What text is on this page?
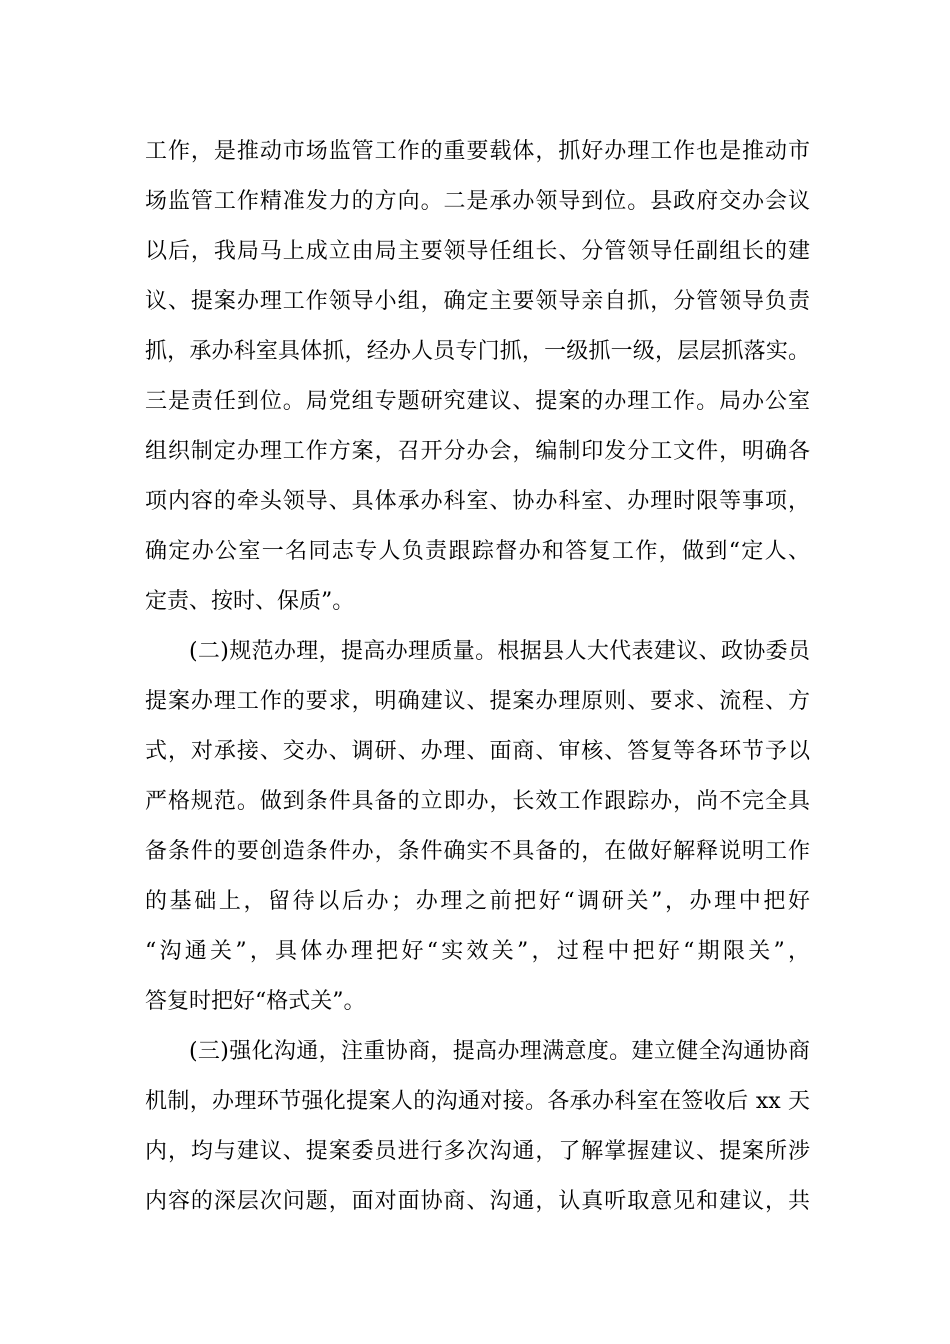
工作，是推动市场监管工作的重要载体，抓好办理工作也是推动市
场监管工作精准发力的方向。二是承办领导到位。县政府交办会议
以后，我局马上成立由局主要领导任组长、分管领导任副组长的建
议、提案办理工作领导小组，确定主要领导亲自抓，分管领导负责
抓，承办科室具体抓，经办人员专门抓，一级抓一级，层层抓落实。
三是责任到位。局党组专题研究建议、提案的办理工作。局办公室
组织制定办理工作方案，召开分办会，编制印发分工文件，明确各
项内容的牵头领导、具体承办科室、协办科室、办理时限等事项，
确定办公室一名同志专人负责跟踪督办和答复工作，做到“定人、
定责、按时、保质”。
(二)规范办理，提高办理质量。根据县人大代表建议、政协委员
提案办理工作的要求，明确建议、提案办理原则、要求、流程、方
式，对承接、交办、调研、办理、面商、审核、答复等各环节予以
严格规范。做到条件具备的立即办，长效工作跟踪办，尚不完全具
备条件的要创造条件办，条件确实不具备的，在做好解释说明工作
的基础上，留待以后办；办理之前把好“调研关”，办理中把好
“沟通关”，具体办理把好“实效关”，过程中把好“期限关”，
答复时把好“格式关”。
(三)强化沟通，注重协商，提高办理满意度。建立健全沟通协商
机制，办理环节强化提案人的沟通对接。各承办科室在签收后 xx 天
内，均与建议、提案委员进行多次沟通，了解掌握建议、提案所涉
内容的深层次问题，面对面协商、沟通，认真听取意见和建议，共
